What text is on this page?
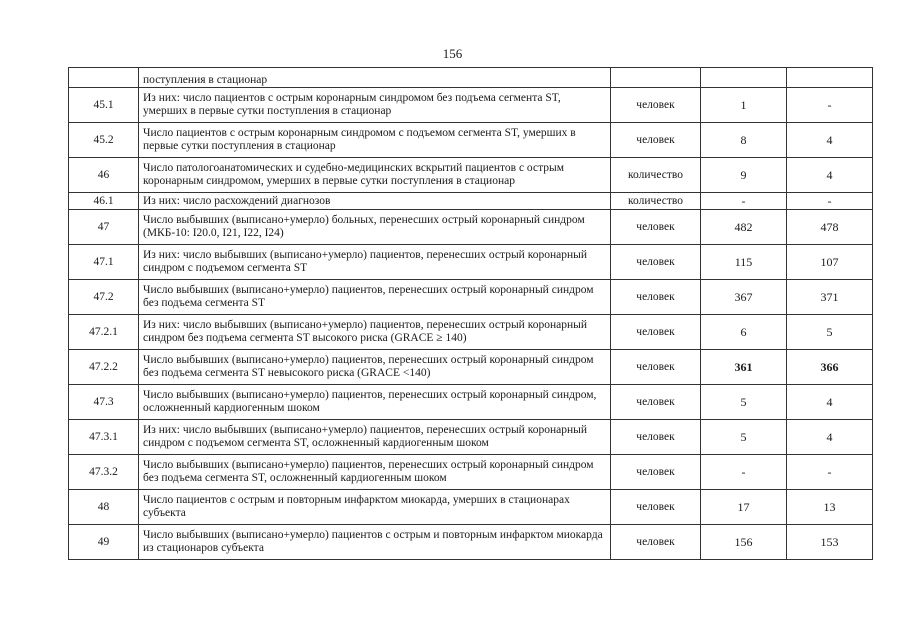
156
	поступления в стационар			
45.1	Из них: число пациентов с острым коронарным синдромом без подъема сегмента ST, умерших в первые сутки поступления в стационар	человек	1	-
45.2	Число пациентов с острым коронарным синдромом с подъемом сегмента ST, умерших в первые сутки поступления в стационар	человек	8	4
46	Число патологоанатомических и судебно-медицинских вскрытий пациентов с острым коронарным синдромом, умерших в первые сутки поступления в стационар	количество	9	4
46.1	Из них: число расхождений диагнозов	количество	-	-
47	Число выбывших (выписано+умерло) больных, перенесших острый коронарный синдром (МКБ-10: I20.0, I21, I22, I24)	человек	482	478
47.1	Из них: число выбывших (выписано+умерло) пациентов, перенесших острый коронарный синдром с подъемом сегмента ST	человек	115	107
47.2	Число выбывших (выписано+умерло) пациентов, перенесших острый коронарный синдром без подъема сегмента ST	человек	367	371
47.2.1	Из них: число выбывших (выписано+умерло) пациентов, перенесших острый коронарный синдром без подъема сегмента ST высокого риска (GRACE ≥ 140)	человек	6	5
47.2.2	Число выбывших (выписано+умерло) пациентов, перенесших острый коронарный синдром без подъема сегмента ST невысокого риска (GRACE <140)	человек	361	366
47.3	Число выбывших (выписано+умерло) пациентов, перенесших острый коронарный синдром, осложненный кардиогенным шоком	человек	5	4
47.3.1	Из них: число выбывших (выписано+умерло) пациентов, перенесших острый коронарный синдром с подъемом сегмента ST, осложненный кардиогенным шоком	человек	5	4
47.3.2	Число выбывших (выписано+умерло) пациентов, перенесших острый коронарный синдром без подъема сегмента ST, осложненный кардиогенным шоком	человек	-	-
48	Число пациентов с острым и повторным инфарктом миокарда, умерших в стационарах субъекта	человек	17	13
49	Число выбывших (выписано+умерло) пациентов с острым и повторным инфарктом миокарда из стационаров субъекта	человек	156	153
